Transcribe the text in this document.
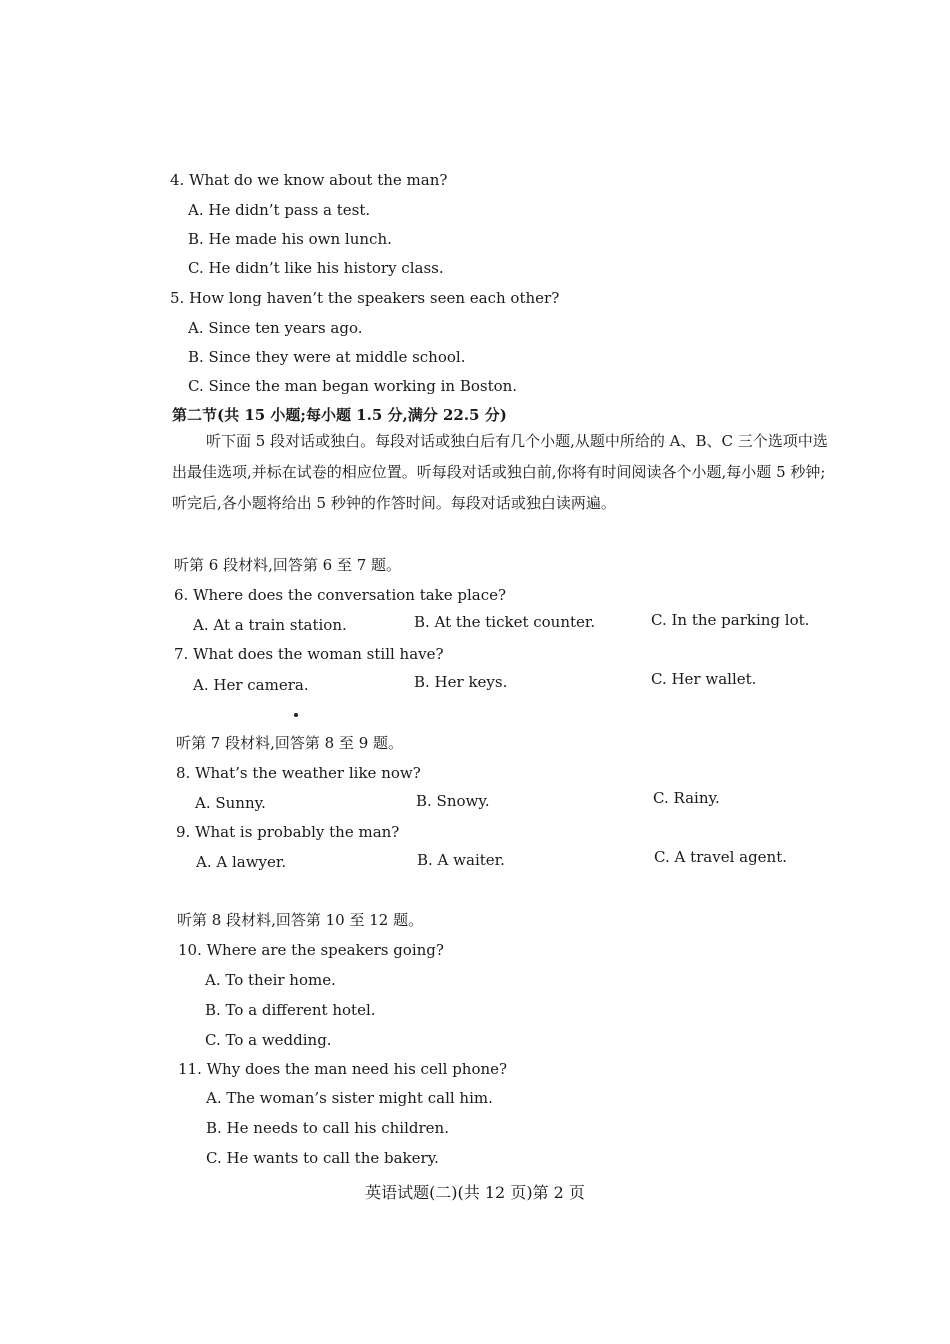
4. What do we know about the man?
A. He didn’t pass a test.
B. He made his own lunch.
C. He didn’t like his history class.
5. How long haven’t the speakers seen each other?
A. Since ten years ago.
B. Since they were at middle school.
C. Since the man began working in Boston.
第二节(共 15 小题;每小题 1.5 分,满分 22.5 分)
听下面 5 段对话或独白。每段对话或独白后有几个小题,从题中所给的 A、B、C 三个选项中选出最佳选项,并标在试卷的相应位置。听每段对话或独白前,你将有时间阅读各个小题,每小题 5 秒钟;听完后,各小题将给出 5 秒钟的作答时间。每段对话或独白读两遍。
听第 6 段材料,回答第 6 至 7 题。
6. Where does the conversation take place?
A. At a train station.	B. At the ticket counter.	C. In the parking lot.
7. What does the woman still have?
A. Her camera.	B. Her keys.	C. Her wallet.
听第 7 段材料,回答第 8 至 9 题。
8. What’s the weather like now?
A. Sunny.	B. Snowy.	C. Rainy.
9. What is probably the man?
A. A lawyer.	B. A waiter.	C. A travel agent.
听第 8 段材料,回答第 10 至 12 题。
10. Where are the speakers going?
A. To their home.
B. To a different hotel.
C. To a wedding.
11. Why does the man need his cell phone?
A. The woman’s sister might call him.
B. He needs to call his children.
C. He wants to call the bakery.
英语试题(二)(共 12 页)第 2 页
